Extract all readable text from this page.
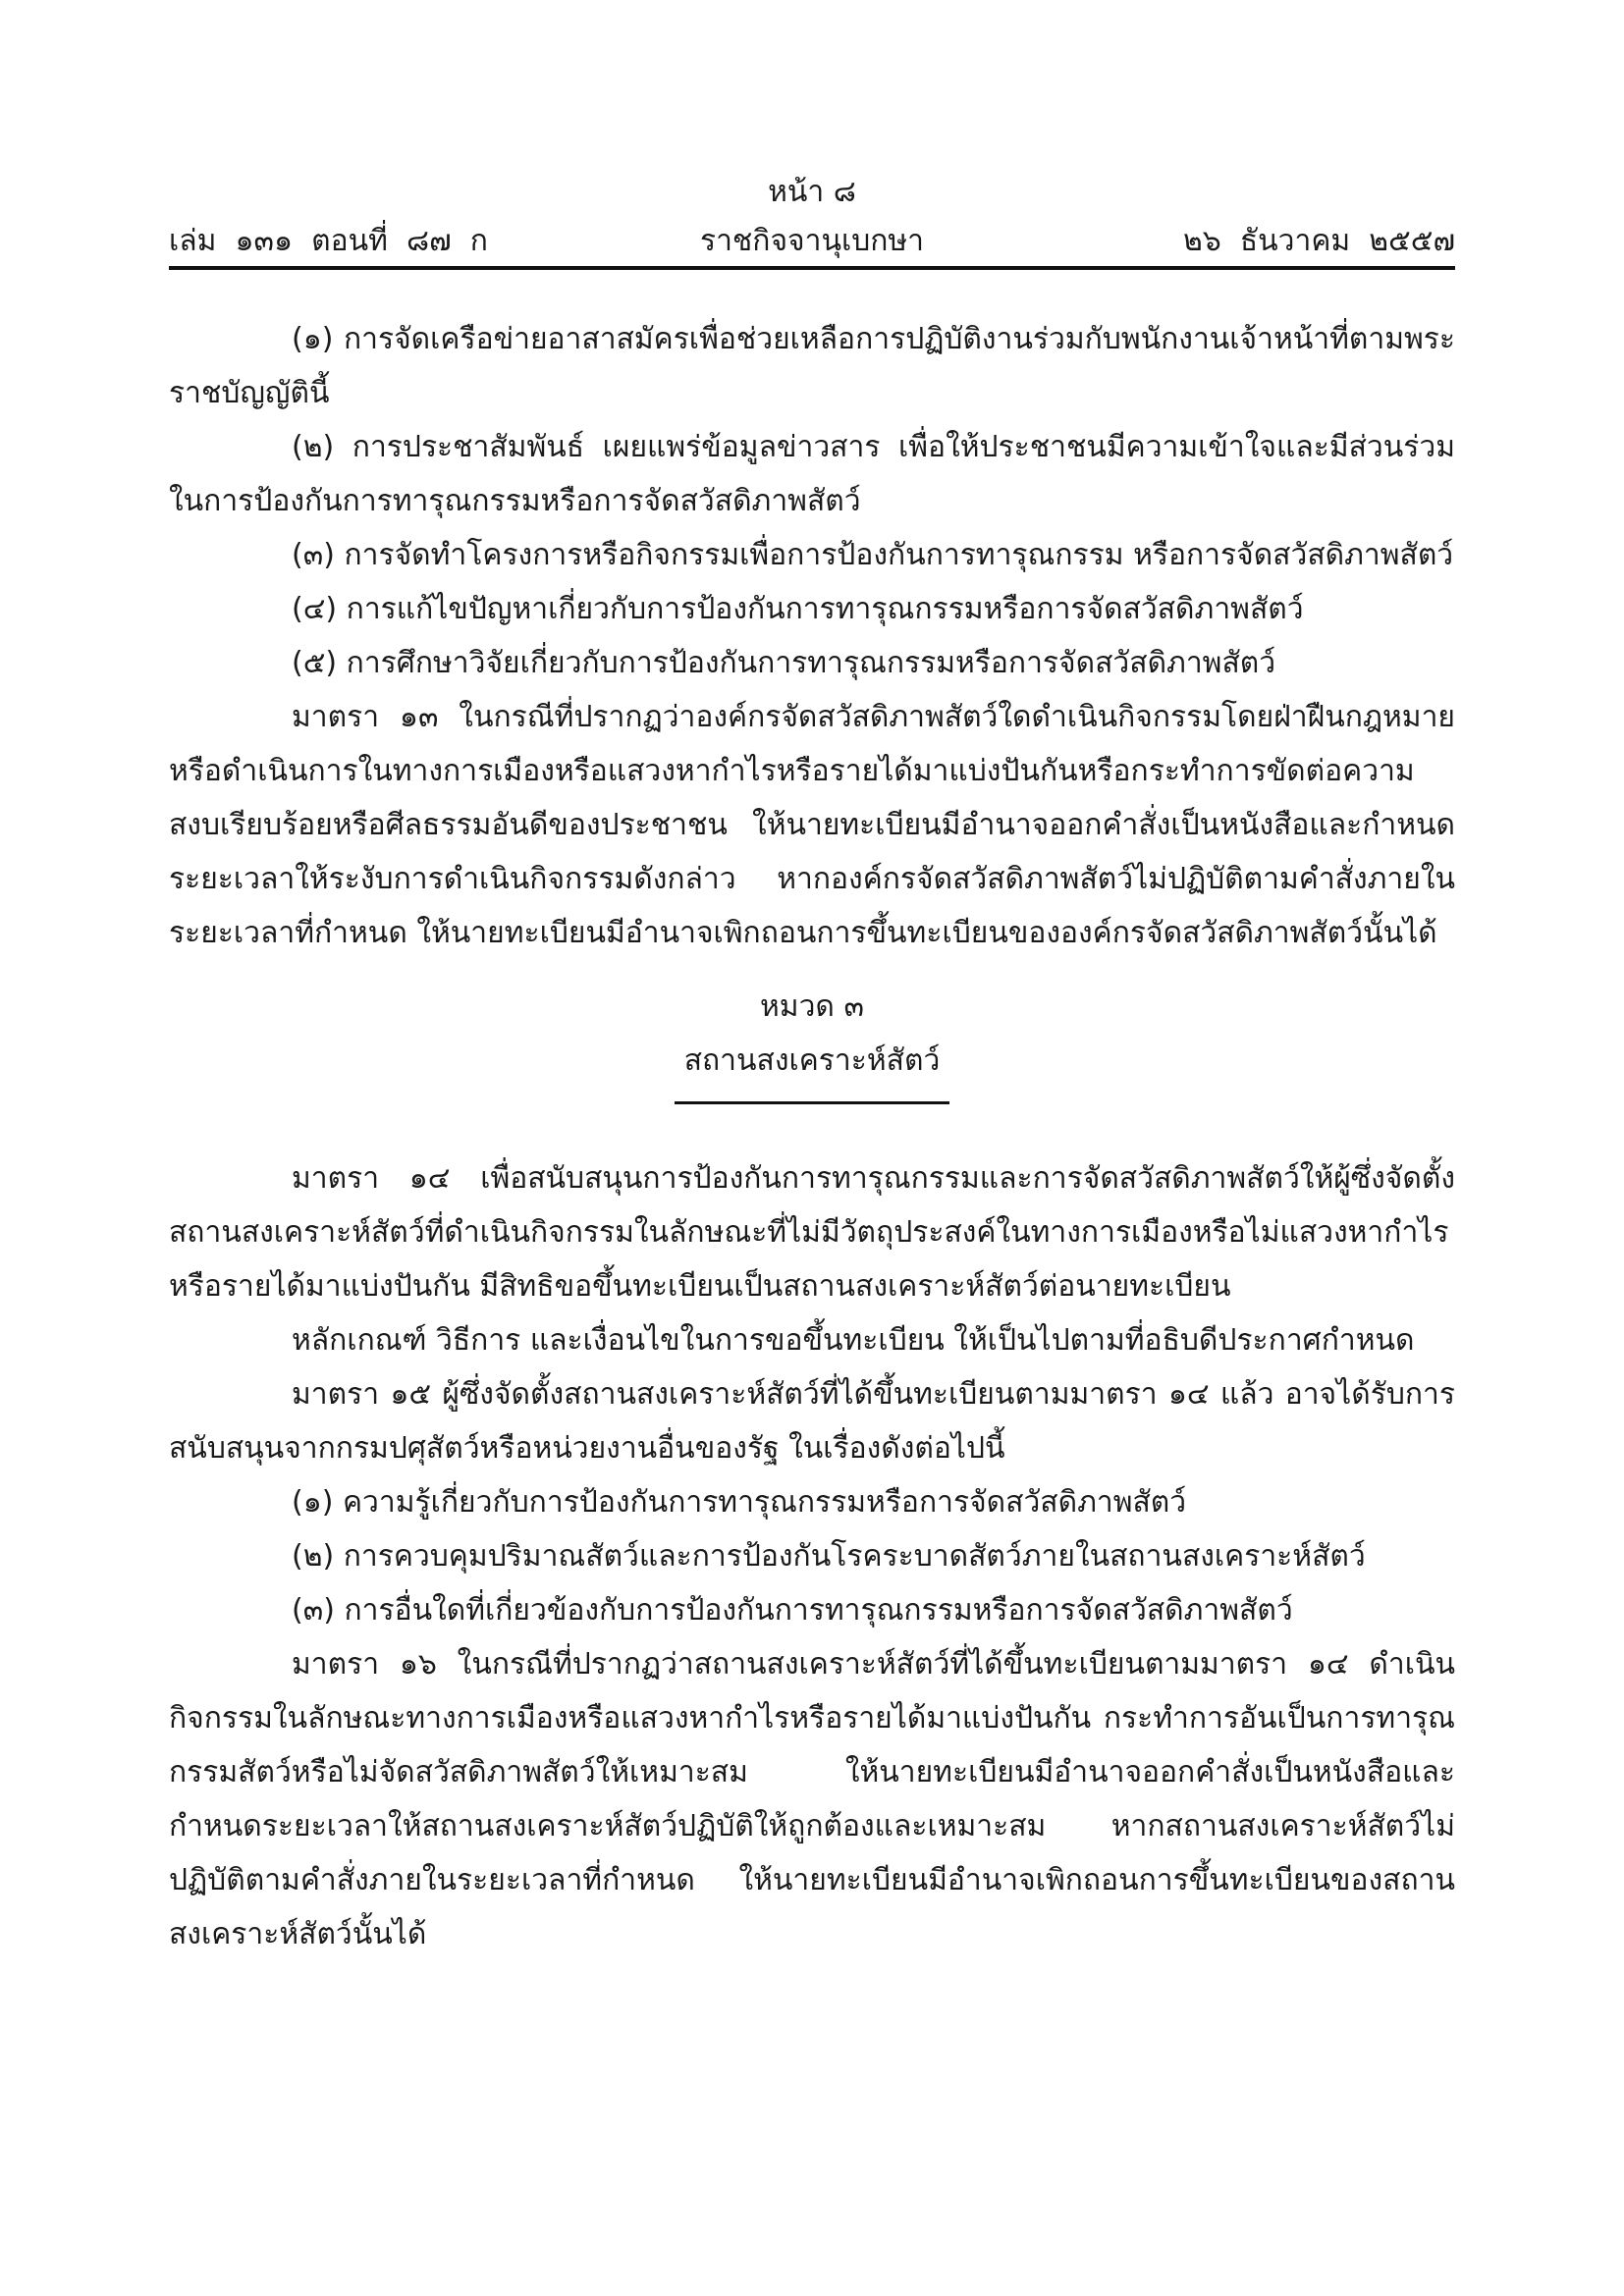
หน้า ๘
เล่ม  ๑๓๑  ตอนที่  ๘๗  ก	ราชกิจจานุเบกษา	๒๖  ธันวาคม  ๒๕๕๗

(๑) การจัดเครือข่ายอาสาสมัครเพื่อช่วยเหลือการปฏิบัติงานร่วมกับพนักงานเจ้าหน้าที่ตามพระราชบัญญัตินี้

(๒) การประชาสัมพันธ์ เผยแพร่ข้อมูลข่าวสาร เพื่อให้ประชาชนมีความเข้าใจและมีส่วนร่วมในการป้องกันการทารุณกรรมหรือการจัดสวัสดิภาพสัตว์

(๓) การจัดทำโครงการหรือกิจกรรมเพื่อการป้องกันการทารุณกรรม หรือการจัดสวัสดิภาพสัตว์

(๔) การแก้ไขปัญหาเกี่ยวกับการป้องกันการทารุณกรรมหรือการจัดสวัสดิภาพสัตว์

(๕) การศึกษาวิจัยเกี่ยวกับการป้องกันการทารุณกรรมหรือการจัดสวัสดิภาพสัตว์

มาตรา ๑๓ ในกรณีที่ปรากฏว่าองค์กรจัดสวัสดิภาพสัตว์ใดดำเนินกิจกรรมโดยฝ่าฝืนกฎหมายหรือดำเนินการในทางการเมืองหรือแสวงหากำไรหรือรายได้มาแบ่งปันกันหรือกระทำการขัดต่อความสงบเรียบร้อยหรือศีลธรรมอันดีของประชาชน ให้นายทะเบียนมีอำนาจออกคำสั่งเป็นหนังสือและกำหนดระยะเวลาให้ระงับการดำเนินกิจกรรมดังกล่าว หากองค์กรจัดสวัสดิภาพสัตว์ไม่ปฏิบัติตามคำสั่งภายในระยะเวลาที่กำหนด ให้นายทะเบียนมีอำนาจเพิกถอนการขึ้นทะเบียนขององค์กรจัดสวัสดิภาพสัตว์นั้นได้

หมวด ๓

สถานสงเคราะห์สัตว์

มาตรา ๑๔ เพื่อสนับสนุนการป้องกันการทารุณกรรมและการจัดสวัสดิภาพสัตว์ให้ผู้ซึ่งจัดตั้งสถานสงเคราะห์สัตว์ที่ดำเนินกิจกรรมในลักษณะที่ไม่มีวัตถุประสงค์ในทางการเมืองหรือไม่แสวงหากำไรหรือรายได้มาแบ่งปันกัน มีสิทธิขอขึ้นทะเบียนเป็นสถานสงเคราะห์สัตว์ต่อนายทะเบียน

หลักเกณฑ์ วิธีการ และเงื่อนไขในการขอขึ้นทะเบียน ให้เป็นไปตามที่อธิบดีประกาศกำหนด

มาตรา ๑๕ ผู้ซึ่งจัดตั้งสถานสงเคราะห์สัตว์ที่ได้ขึ้นทะเบียนตามมาตรา ๑๔ แล้ว อาจได้รับการสนับสนุนจากกรมปศุสัตว์หรือหน่วยงานอื่นของรัฐ ในเรื่องดังต่อไปนี้

(๑) ความรู้เกี่ยวกับการป้องกันการทารุณกรรมหรือการจัดสวัสดิภาพสัตว์

(๒) การควบคุมปริมาณสัตว์และการป้องกันโรคระบาดสัตว์ภายในสถานสงเคราะห์สัตว์

(๓) การอื่นใดที่เกี่ยวข้องกับการป้องกันการทารุณกรรมหรือการจัดสวัสดิภาพสัตว์

มาตรา ๑๖ ในกรณีที่ปรากฏว่าสถานสงเคราะห์สัตว์ที่ได้ขึ้นทะเบียนตามมาตรา ๑๔ ดำเนินกิจกรรมในลักษณะทางการเมืองหรือแสวงหากำไรหรือรายได้มาแบ่งปันกัน กระทำการอันเป็นการทารุณกรรมสัตว์หรือไม่จัดสวัสดิภาพสัตว์ให้เหมาะสม ให้นายทะเบียนมีอำนาจออกคำสั่งเป็นหนังสือและกำหนดระยะเวลาให้สถานสงเคราะห์สัตว์ปฏิบัติให้ถูกต้องและเหมาะสม หากสถานสงเคราะห์สัตว์ไม่ปฏิบัติตามคำสั่งภายในระยะเวลาที่กำหนด ให้นายทะเบียนมีอำนาจเพิกถอนการขึ้นทะเบียนของสถานสงเคราะห์สัตว์นั้นได้
